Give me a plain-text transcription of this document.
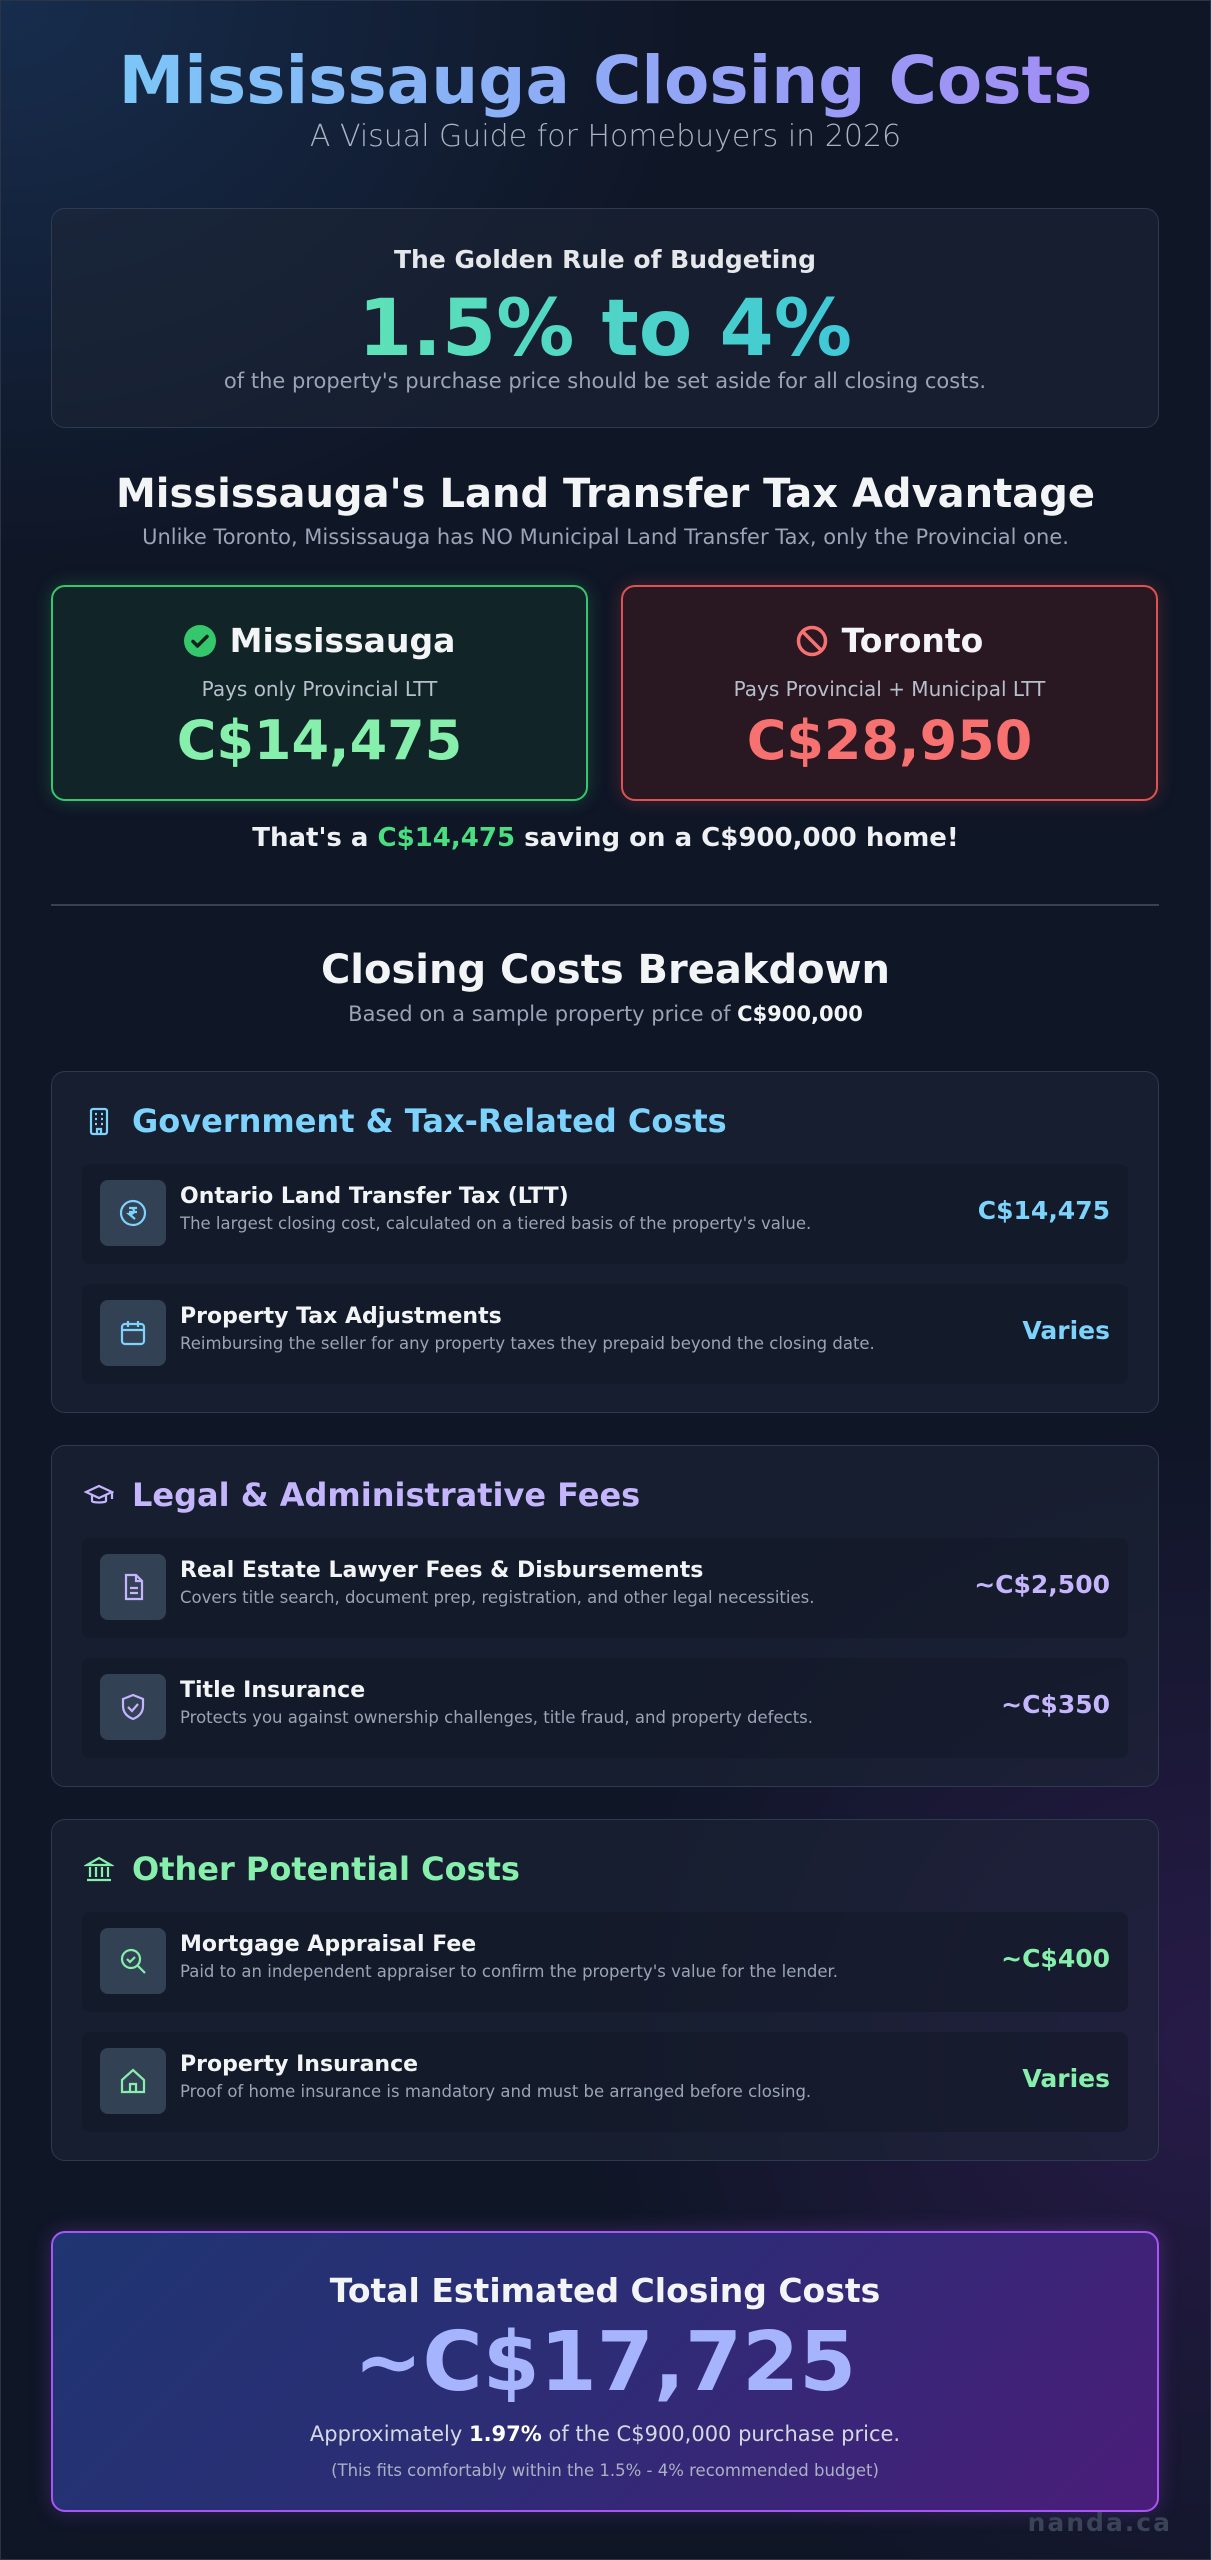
Mississauga Closing Costs
A Visual Guide for Homebuyers in 2026
The Golden Rule of Budgeting
1.5% to 4%
of the property's purchase price should be set aside for all closing costs.
Mississauga's Land Transfer Tax Advantage
Unlike Toronto, Mississauga has NO Municipal Land Transfer Tax, only the Provincial one.
Mississauga
Pays only Provincial LTT
C$14,475
Toronto
Pays Provincial + Municipal LTT
C$28,950
That's a C$14,475 saving on a C$900,000 home!
Closing Costs Breakdown
Based on a sample property price of C$900,000
Government & Tax-Related Costs
Ontario Land Transfer Tax (LTT)
The largest closing cost, calculated on a tiered basis of the property's value.	C$14,475
Property Tax Adjustments
Reimbursing the seller for any property taxes they prepaid beyond the closing date.	Varies
Legal & Administrative Fees
Real Estate Lawyer Fees & Disbursements
Covers title search, document prep, registration, and other legal necessities.	~C$2,500
Title Insurance
Protects you against ownership challenges, title fraud, and property defects.	~C$350
Other Potential Costs
Mortgage Appraisal Fee
Paid to an independent appraiser to confirm the property's value for the lender.	~C$400
Property Insurance
Proof of home insurance is mandatory and must be arranged before closing.	Varies
Total Estimated Closing Costs
~C$17,725
Approximately 1.97% of the C$900,000 purchase price.
(This fits comfortably within the 1.5% - 4% recommended budget)
nanda.ca
